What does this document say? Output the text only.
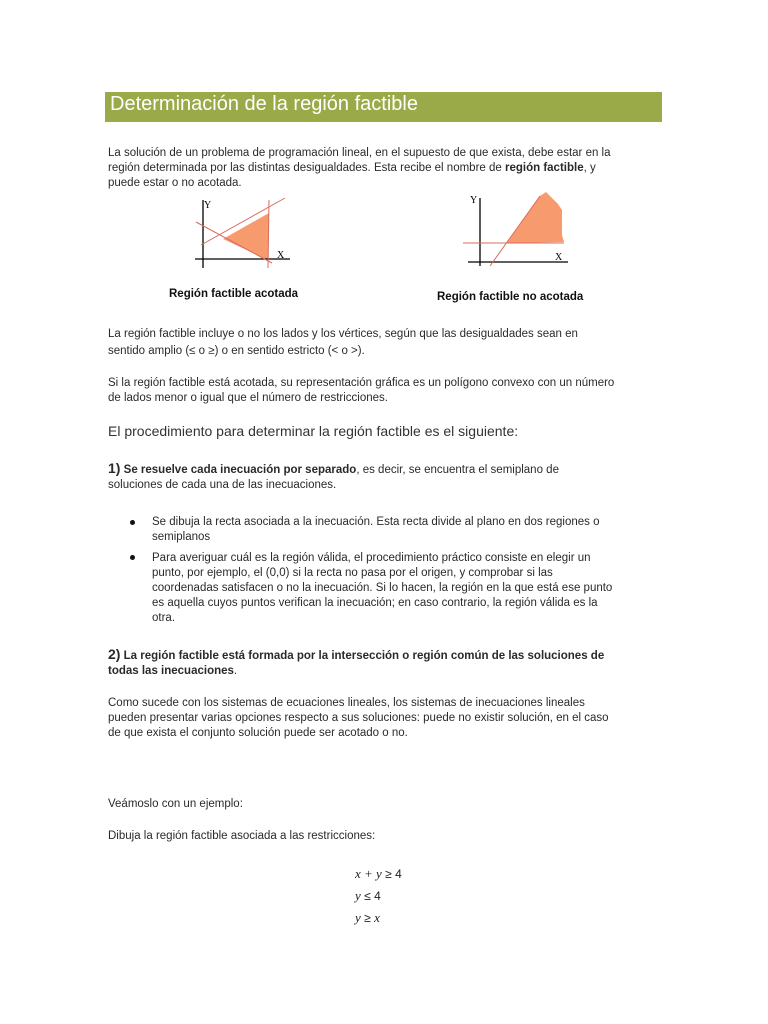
Determinación de la región factible
La solución de un problema de programación lineal, en el supuesto de que exista, debe estar en la
región determinada por las distintas desigualdades. Esta recibe el nombre de región factible, y
puede estar o no acotada.
Y
X
Región factible acotada
Y
X
Región factible no acotada
La región factible incluye o no los lados y los vértices, según que las desigualdades sean en
sentido amplio (≤ o ≥) o en sentido estricto (< o >).
Si la región factible está acotada, su representación gráfica es un polígono convexo con un número
de lados menor o igual que el número de restricciones.
El procedimiento para determinar la región factible es el siguiente:
1) Se resuelve cada inecuación por separado, es decir, se encuentra el semiplano de
soluciones de cada una de las inecuaciones.
Se dibuja la recta asociada a la inecuación. Esta recta divide al plano en dos regiones o
semiplanos
Para averiguar cuál es la región válida, el procedimiento práctico consiste en elegir un
punto, por ejemplo, el (0,0) si la recta no pasa por el origen, y comprobar si las
coordenadas satisfacen o no la inecuación. Si lo hacen, la región en la que está ese punto
es aquella cuyos puntos verifican la inecuación; en caso contrario, la región válida es la
otra.
2) La región factible está formada por la intersección o región común de las soluciones de
todas las inecuaciones.
Como sucede con los sistemas de ecuaciones lineales, los sistemas de inecuaciones lineales
pueden presentar varias opciones respecto a sus soluciones: puede no existir solución, en el caso
de que exista el conjunto solución puede ser acotado o no.
Veámoslo con un ejemplo:
Dibuja la región factible asociada a las restricciones:
x + y ≥ 4
y ≤ 4
y ≥ x
